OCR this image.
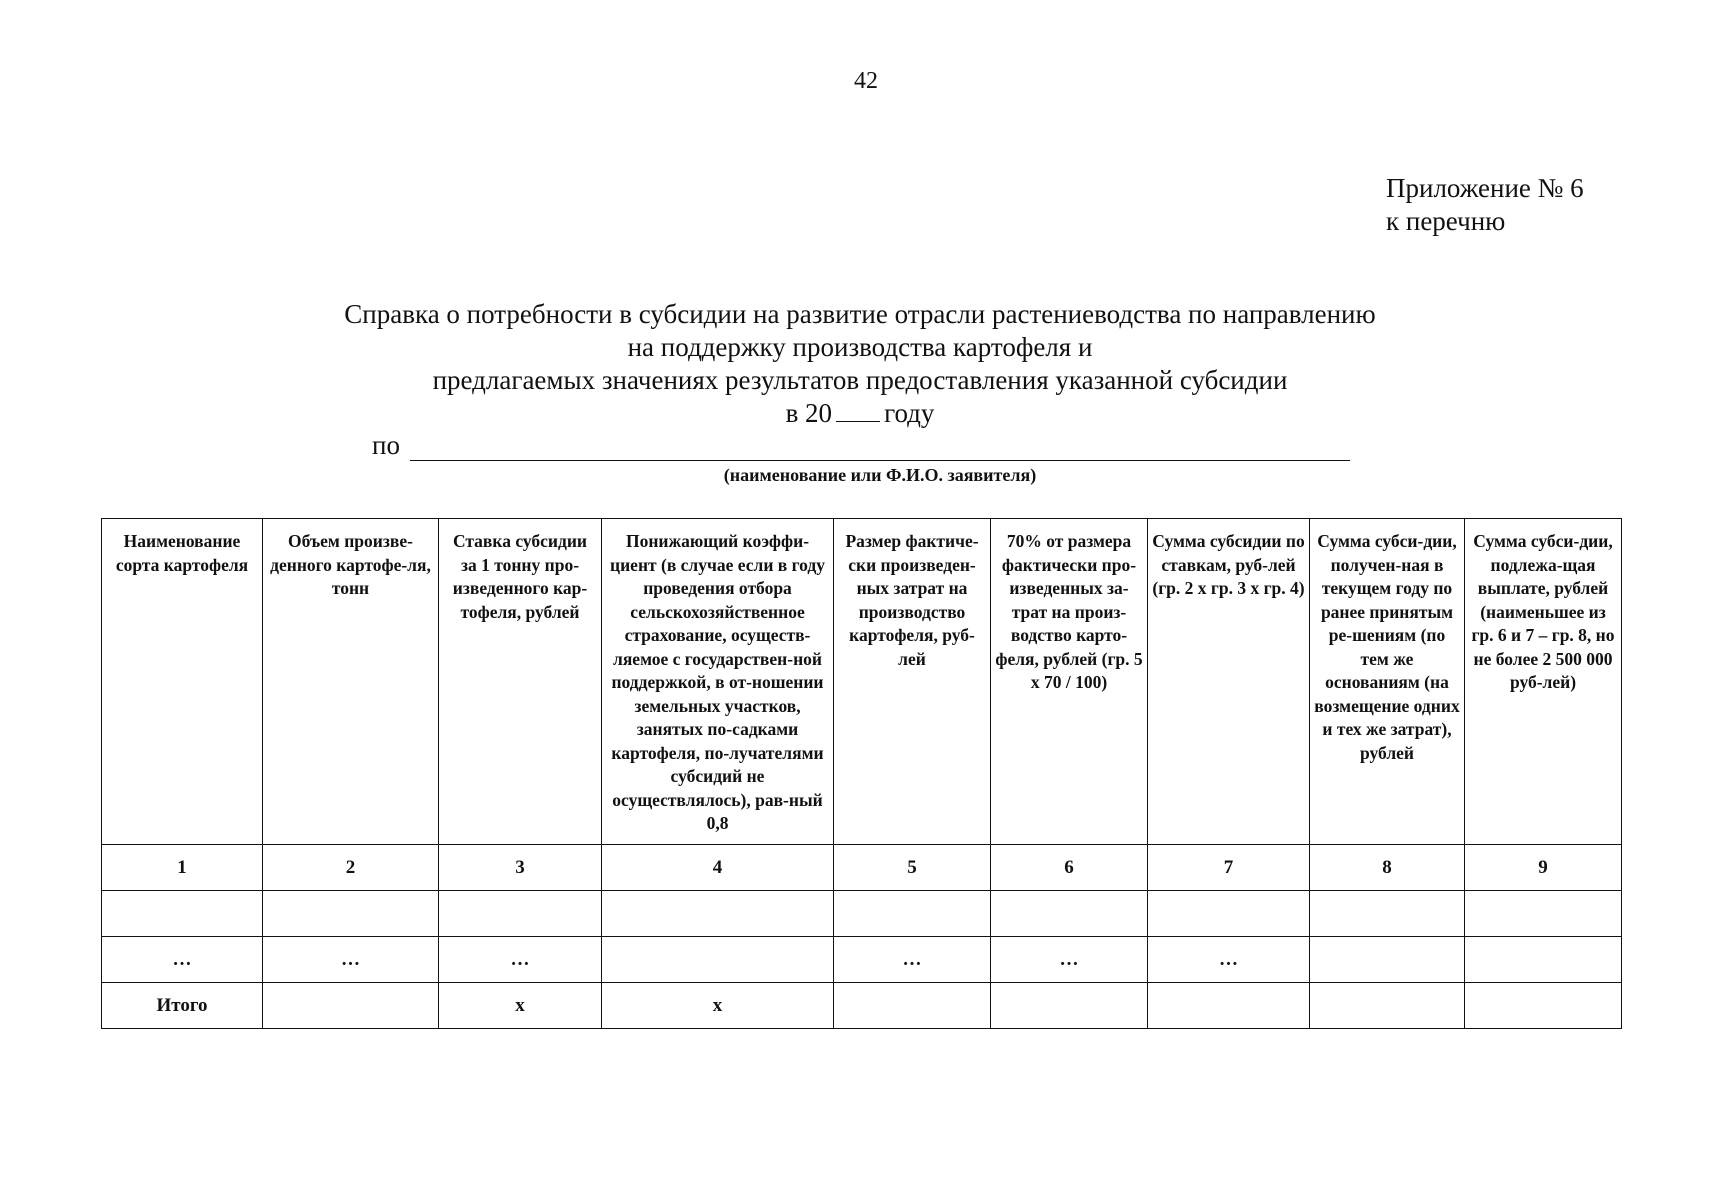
42
Приложение № 6
к перечню
Справка о потребности в субсидии на развитие отрасли растениеводства по направлению
на поддержку производства картофеля и
предлагаемых значениях результатов предоставления указанной субсидии
в 20 году
по
(наименование или Ф.И.О. заявителя)
Наименование сорта картофеля	Объем произве-денного картофе-ля, тонн	Ставка субсидии за 1 тонну про-изведенного кар-тофеля, рублей	Понижающий коэффи-циент (в случае если в году проведения отбора сельскохозяйственное страхование, осуществ-ляемое с государствен-ной поддержкой, в от-ношении земельных участков, занятых по-садками картофеля, по-лучателями субсидий не осуществлялось), рав-ный 0,8	Размер фактиче-ски произведен-ных затрат на производство картофеля, руб-лей	70% от размера фактически про-изведенных за-трат на произ-водство карто-феля, рублей (гр. 5 х 70 / 100)	Сумма субсидии по ставкам, руб-лей (гр. 2 х гр. 3 х гр. 4)	Сумма субси-дии, получен-ная в текущем году по ранее принятым ре-шениям (по тем же основаниям (на возмещение одних и тех же затрат), рублей	Сумма субси-дии, подлежа-щая выплате, рублей (наименьшее из гр. 6 и 7 – гр. 8, но не более 2 500 000 руб-лей)
1	2	3	4	5	6	7	8	9

…	…	…		…	…	…		
Итого		х	х					
